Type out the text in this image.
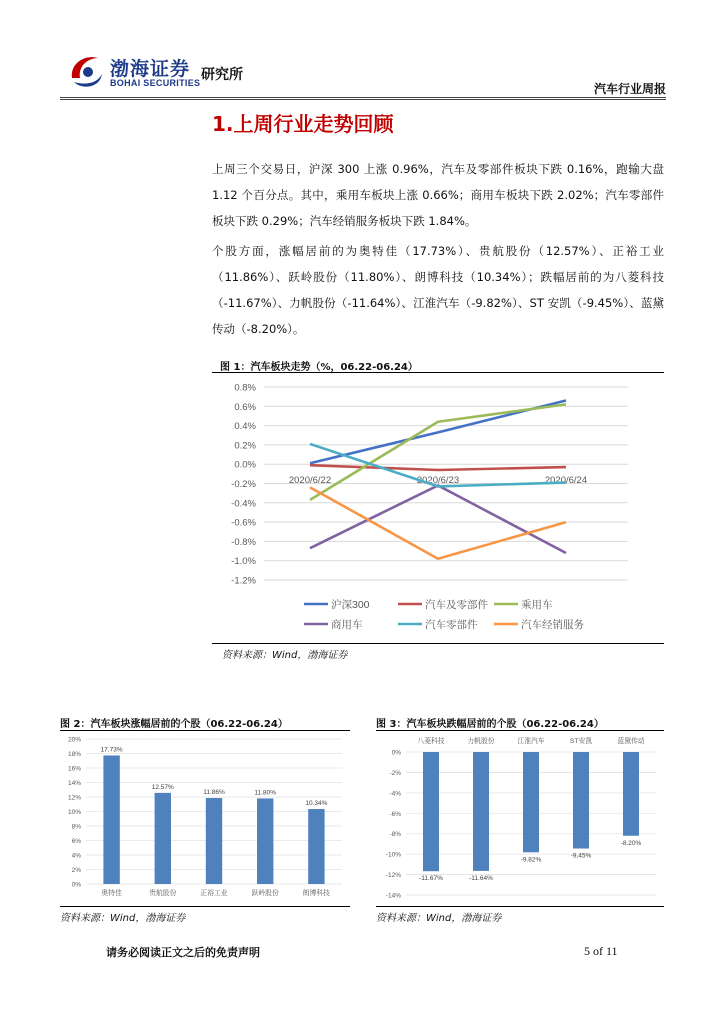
渤海证券
BOHAI SECURITIES 研究所
汽车行业周报
1.上周行业走势回顾

上周三个交易日，沪深 300 上涨 0.96%，汽车及零部件板块下跌 0.16%，跑输大盘 1.12 个百分点。其中，乘用车板块上涨 0.66%；商用车板块下跌 2.02%；汽车零部件板块下跌 0.29%；汽车经销服务板块下跌 1.84%。

个股方面，涨幅居前的为奥特佳（17.73%）、贵航股份（12.57%）、正裕工业（11.86%）、跃岭股份（11.80%）、朗博科技（10.34%）；跌幅居前的为八菱科技（-11.67%）、力帆股份（-11.64%）、江淮汽车（-9.82%）、ST 安凯（-9.45%）、蓝黛传动（-8.20%）。

图 1：汽车板块走势（%，06.22-06.24）
0.8%
0.6%
0.4%
0.2%
0.0%
-0.2%
-0.4%
-0.6%
-0.8%
-1.0%
-1.2%
2020/6/22	2020/6/23	2020/6/24
沪深300	汽车及零部件	乘用车
商用车	汽车零部件	汽车经销服务
资料来源：Wind，渤海证券
图 2：汽车板块涨幅居前的个股（06.22-06.24）
20%
18%
16%
14%
12%
10%
8%
6%
4%
2%
0%
17.73%
奥特佳
12.57%
贵航股份
11.86%
正裕工业
11.80%
跃岭股份
10.34%
朗博科技
资料来源：Wind，渤海证券
图 3：汽车板块跌幅居前的个股（06.22-06.24）
0%
-2%
-4%
-6%
-8%
-10%
-12%
-14%
-11.67%
八菱科技
-11.64%
力帆股份
-9.82%
江淮汽车
-9.45%
ST安凯
-8.20%
蓝黛传动
资料来源：Wind，渤海证券
请务必阅读正文之后的免责声明	5 of 11
